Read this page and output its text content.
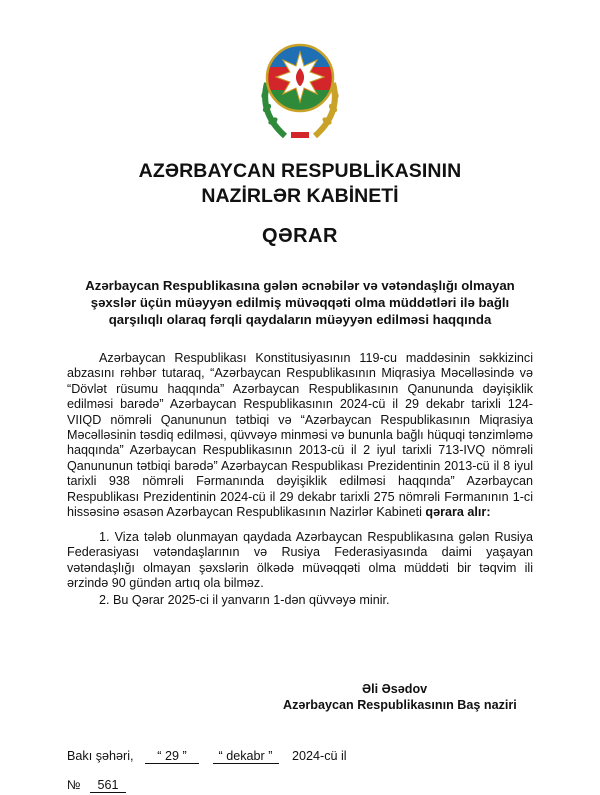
AZƏRBAYCAN RESPUBLİKASININ
NAZİRLƏR KABİNETİ
QƏRAR
Azərbaycan Respublikasına gələn əcnəbilər və vətəndaşlığı olmayan şəxslər üçün müəyyən edilmiş müvəqqəti olma müddətləri ilə bağlı qarşılıqlı olaraq fərqli qaydaların müəyyən edilməsi haqqında
Azərbaycan Respublikası Konstitusiyasının 119-cu maddəsinin səkkizinci abzasını rəhbər tutaraq, “Azərbaycan Respublikasının Miqrasiya Məcəlləsində və “Dövlət rüsumu haqqında” Azərbaycan Respublikasının Qanununda dəyişiklik edilməsi barədə” Azərbaycan Respublikasının 2024-cü il 29 dekabr tarixli 124-VIIQD nömrəli Qanununun tətbiqi və “Azərbaycan Respublikasının Miqrasiya Məcəlləsinin təsdiq edilməsi, qüvvəyə minməsi və bununla bağlı hüquqi tənzimləmə haqqında” Azərbaycan Respublikasının 2013-cü il 2 iyul tarixli 713-IVQ nömrəli Qanununun tətbiqi barədə” Azərbaycan Respublikası Prezidentinin 2013-cü il 8 iyul tarixli 938 nömrəli Fərmanında dəyişiklik edilməsi haqqında” Azərbaycan Respublikası Prezidentinin 2024-cü il 29 dekabr tarixli 275 nömrəli Fərmanının 1-ci hissəsinə əsasən Azərbaycan Respublikasının Nazirlər Kabineti qərara alır:
1. Viza tələb olunmayan qaydada Azərbaycan Respublikasına gələn Rusiya Federasiyası vətəndaşlarının və Rusiya Federasiyasında daimi yaşayan vətəndaşlığı olmayan şəxslərin ölkədə müvəqqəti olma müddəti bir təqvim ili ərzində 90 gündən artıq ola bilməz.
2. Bu Qərar 2025-ci il yanvarın 1-dən qüvvəyə minir.
Əli Əsədov
Azərbaycan Respublikasının Baş naziri
Bakı şəhəri, “ 29 ”	“ dekabr ” 2024-cü il
№ 561
